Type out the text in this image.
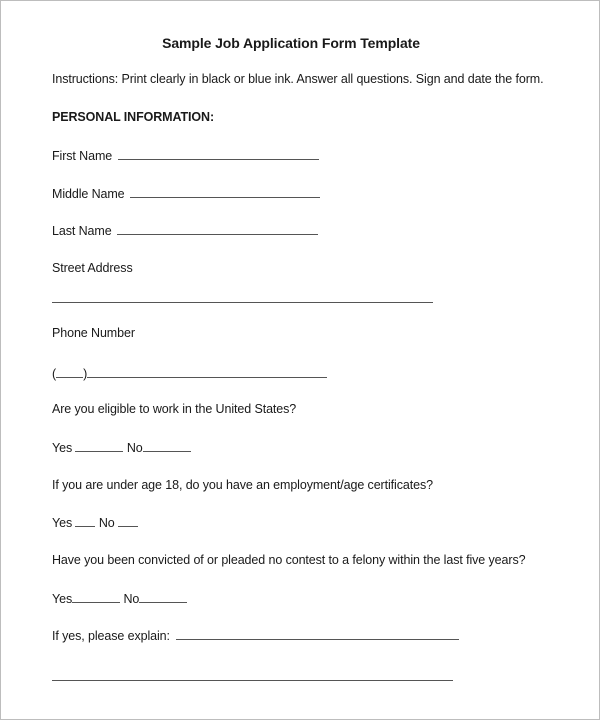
Sample Job Application Form Template
Instructions: Print clearly in black or blue ink. Answer all questions. Sign and date the form.
PERSONAL INFORMATION:
First Name
Middle Name
Last Name
Street Address
Phone Number
( )
Are you eligible to work in the United States?
Yes	No
If you are under age 18, do you have an employment/age certificates?
Yes No
Have you been convicted of or pleaded no contest to a felony within the last five years?
Yes	No
If yes, please explain:
